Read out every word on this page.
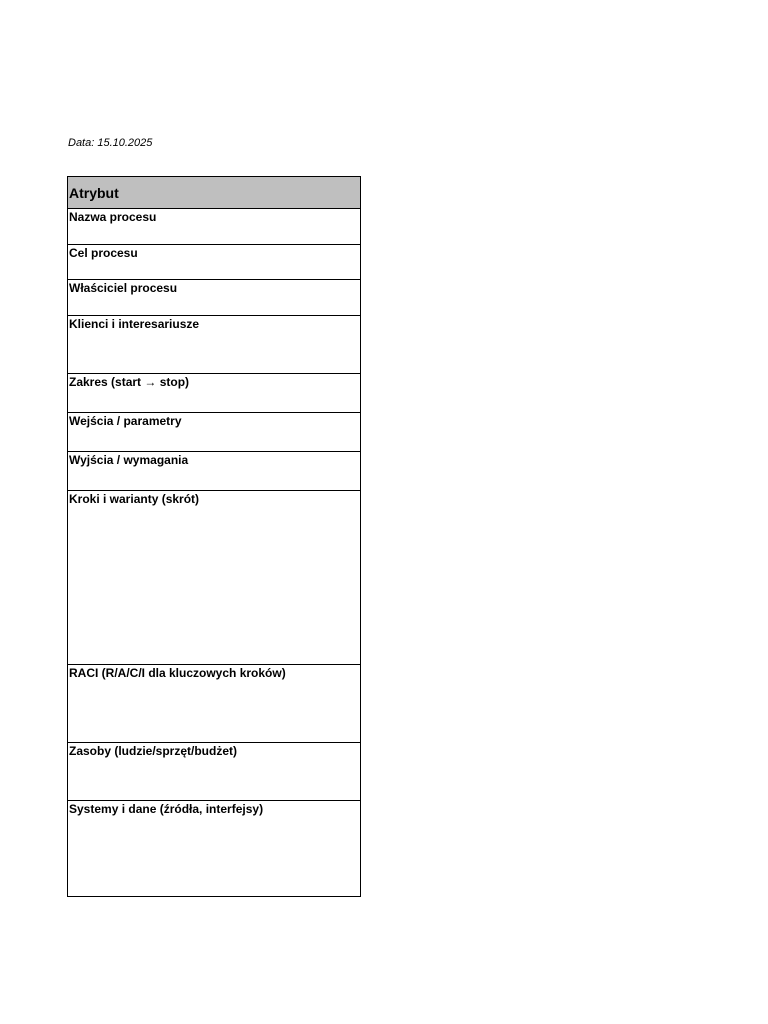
Data: 15.10.2025
Atrybut
Nazwa procesu
Cel procesu
Właściciel procesu
Klienci i interesariusze
Zakres (start → stop)
Wejścia / parametry
Wyjścia / wymagania
Kroki i warianty (skrót)
RACI (R/A/C/I dla kluczowych kroków)
Zasoby (ludzie/sprzęt/budżet)
Systemy i dane (źródła, interfejsy)
